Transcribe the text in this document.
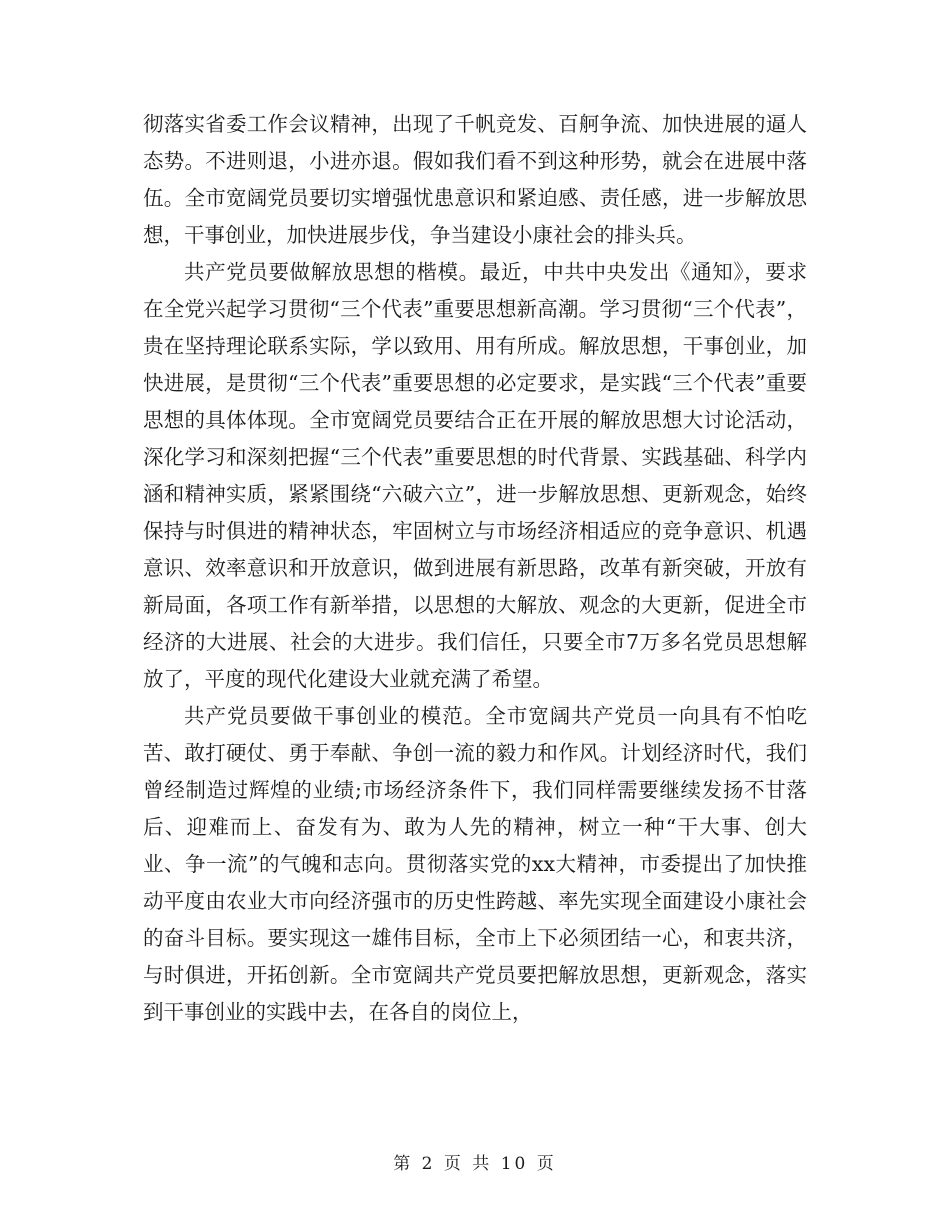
彻落实省委工作会议精神，出现了千帆竞发、百舸争流、加快进展的逼人态势。不进则退，小进亦退。假如我们看不到这种形势，就会在进展中落伍。全市宽阔党员要切实增强忧患意识和紧迫感、责任感，进一步解放思想，干事创业，加快进展步伐，争当建设小康社会的排头兵。

共产党员要做解放思想的楷模。最近，中共中央发出《通知》，要求在全党兴起学习贯彻“三个代表”重要思想新高潮。学习贯彻“三个代表”，贵在坚持理论联系实际，学以致用、用有所成。解放思想，干事创业，加快进展，是贯彻“三个代表”重要思想的必定要求，是实践“三个代表”重要思想的具体体现。全市宽阔党员要结合正在开展的解放思想大讨论活动，深化学习和深刻把握“三个代表”重要思想的时代背景、实践基础、科学内涵和精神实质，紧紧围绕“六破六立”，进一步解放思想、更新观念，始终保持与时俱进的精神状态，牢固树立与市场经济相适应的竞争意识、机遇意识、效率意识和开放意识，做到进展有新思路，改革有新突破，开放有新局面，各项工作有新举措，以思想的大解放、观念的大更新，促进全市经济的大进展、社会的大进步。我们信任，只要全市7万多名党员思想解放了，平度的现代化建设大业就充满了希望。

共产党员要做干事创业的模范。全市宽阔共产党员一向具有不怕吃苦、敢打硬仗、勇于奉献、争创一流的毅力和作风。计划经济时代，我们曾经制造过辉煌的业绩;市场经济条件下，我们同样需要继续发扬不甘落后、迎难而上、奋发有为、敢为人先的精神，树立一种“干大事、创大业、争一流”的气魄和志向。贯彻落实党的xx大精神，市委提出了加快推动平度由农业大市向经济强市的历史性跨越、率先实现全面建设小康社会的奋斗目标。要实现这一雄伟目标，全市上下必须团结一心，和衷共济，与时俱进，开拓创新。全市宽阔共产党员要把解放思想，更新观念，落实到干事创业的实践中去，在各自的岗位上，

第 2 页 共 10 页
